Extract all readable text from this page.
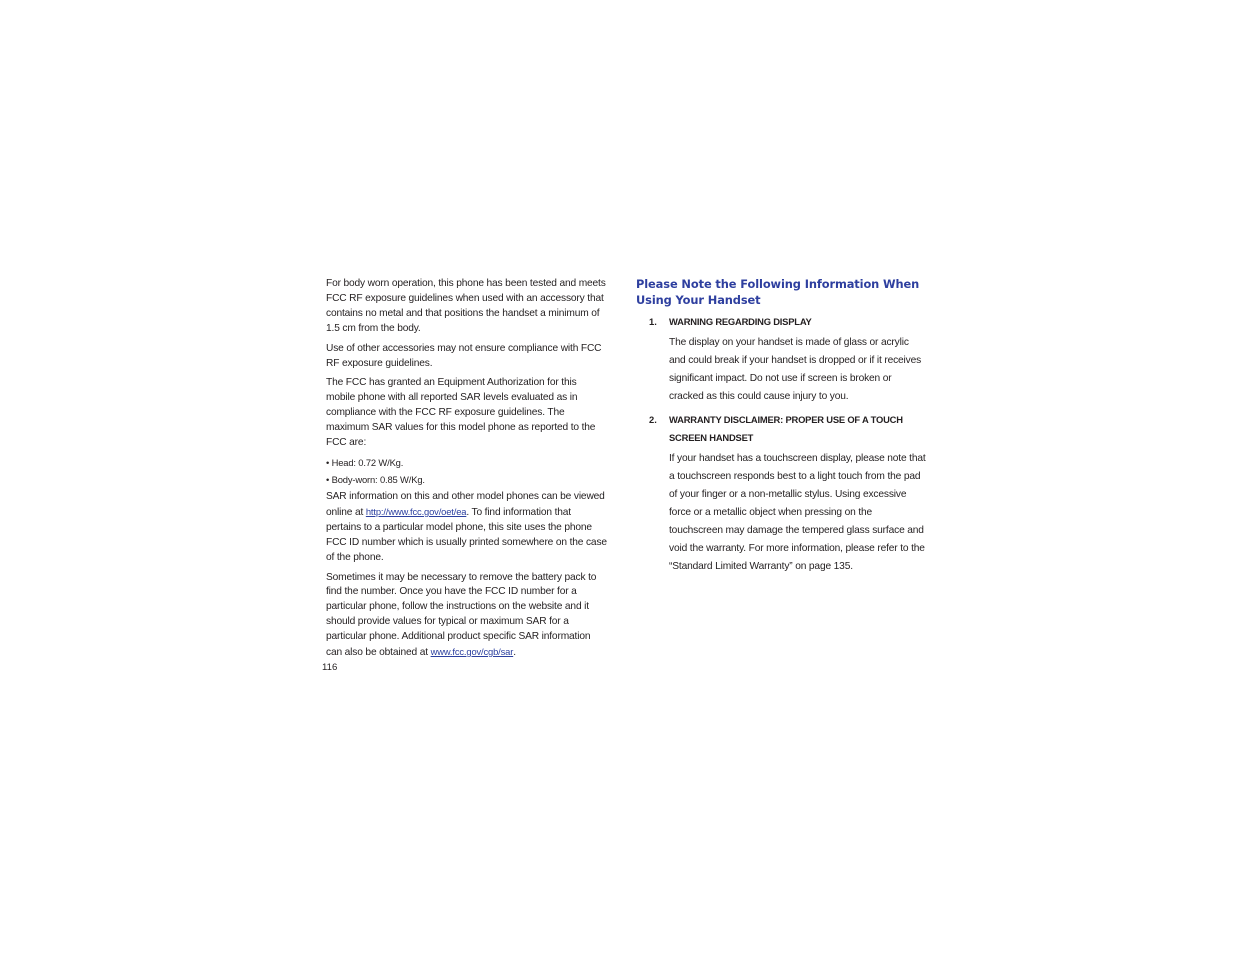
For body worn operation, this phone has been tested and meets FCC RF exposure guidelines when used with an accessory that contains no metal and that positions the handset a minimum of 1.5 cm from the body.

Use of other accessories may not ensure compliance with FCC RF exposure guidelines.

The FCC has granted an Equipment Authorization for this mobile phone with all reported SAR levels evaluated as in compliance with the FCC RF exposure guidelines. The maximum SAR values for this model phone as reported to the FCC are:

• Head: 0.72 W/Kg.

• Body-worn: 0.85 W/Kg.

SAR information on this and other model phones can be viewed online at http://www.fcc.gov/oet/ea. To find information that pertains to a particular model phone, this site uses the phone FCC ID number which is usually printed somewhere on the case of the phone.

Sometimes it may be necessary to remove the battery pack to find the number. Once you have the FCC ID number for a particular phone, follow the instructions on the website and it should provide values for typical or maximum SAR for a particular phone. Additional product specific SAR information can also be obtained at www.fcc.gov/cgb/sar.

116
Please Note the Following Information When Using Your Handset
1. WARNING REGARDING DISPLAY

The display on your handset is made of glass or acrylic and could break if your handset is dropped or if it receives significant impact. Do not use if screen is broken or cracked as this could cause injury to you.

2. WARRANTY DISCLAIMER: PROPER USE OF A TOUCH SCREEN HANDSET

If your handset has a touchscreen display, please note that a touchscreen responds best to a light touch from the pad of your finger or a non-metallic stylus. Using excessive force or a metallic object when pressing on the touchscreen may damage the tempered glass surface and void the warranty. For more information, please refer to the “Standard Limited Warranty” on page 135.
